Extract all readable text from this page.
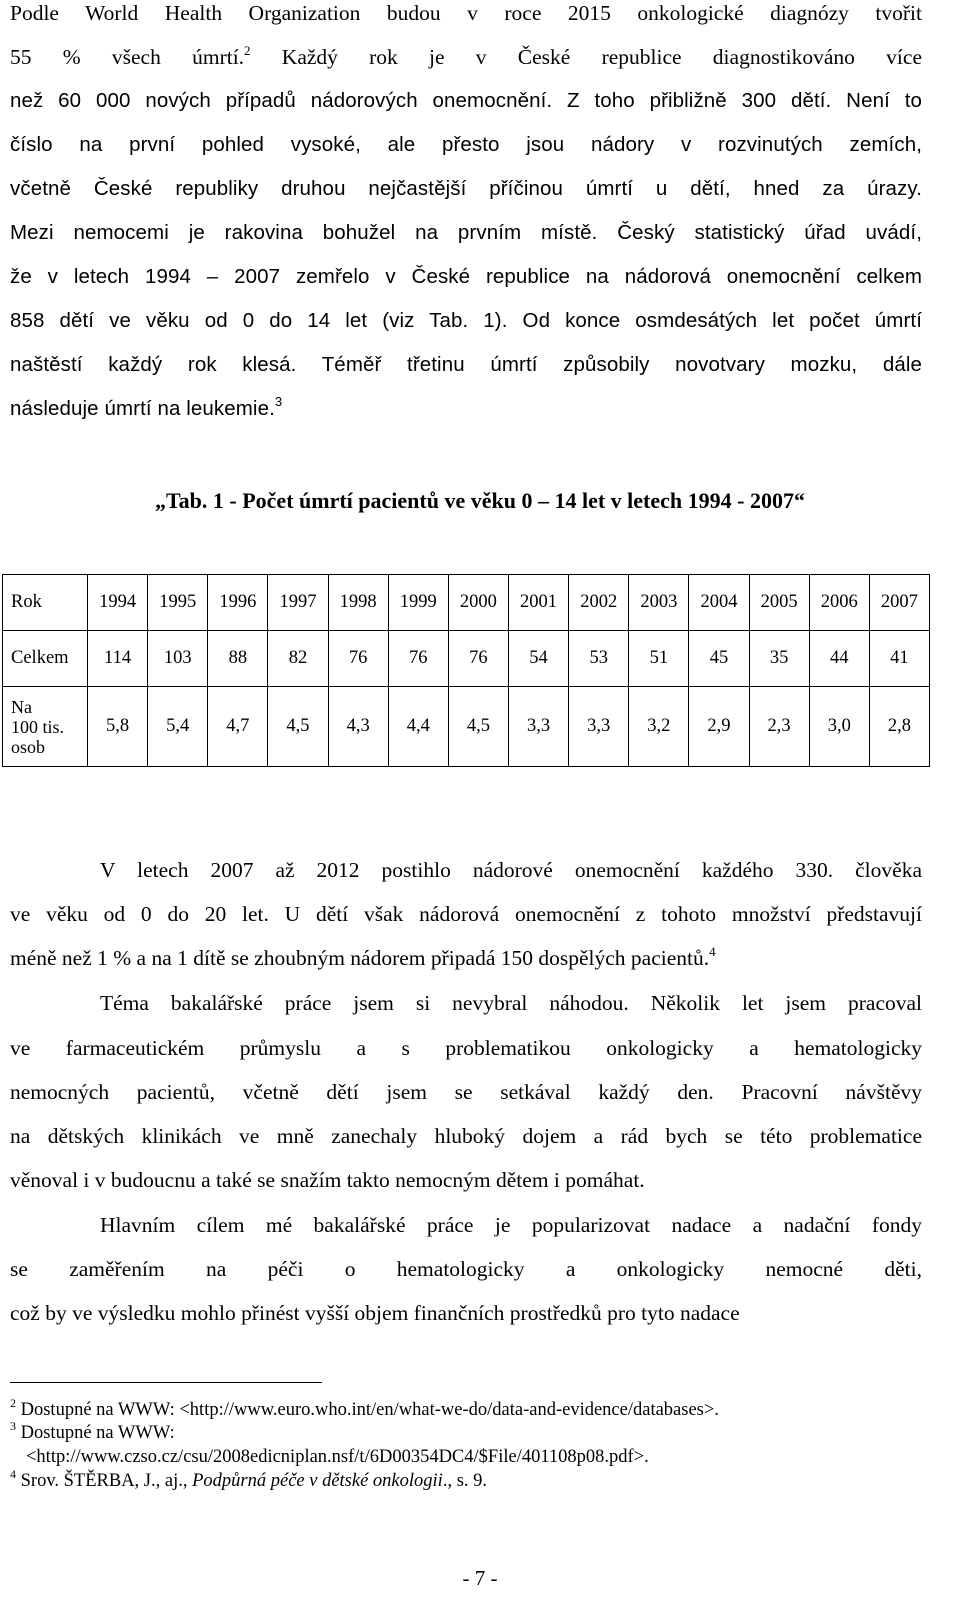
Podle World Health Organization budou v roce 2015 onkologické diagnózy tvořit
55 % všech úmrtí.$^2$ Každý rok je v České republice diagnostikováno více
než 60 000 nových případů nádorových onemocnění. Z toho přibližně 300 dětí. Není to
číslo na první pohled vysoké, ale přesto jsou nádory v rozvinutých zemích,
včetně České republiky druhou nejčastější příčinou úmrtí u dětí, hned za úrazy.
Mezi nemocemi je rakovina bohužel na prvním místě. Český statistický úřad uvádí,
že v letech 1994 – 2007 zemřelo v České republice na nádorová onemocnění celkem
858 dětí ve věku od 0 do 14 let (viz Tab. 1). Od konce osmdesátých let počet úmrtí
naštěstí každý rok klesá. Téměř třetinu úmrtí způsobily novotvary mozku, dále
následuje úmrtí na leukemie.$^3$
„Tab. 1 - Počet úmrtí pacientů ve věku 0 – 14 let v letech 1994 - 2007“
Rok	1994	1995	1996	1997	1998	1999	2000	2001	2002	2003	2004	2005	2006	2007
Celkem	114	103	88	82	76	76	76	54	53	51	45	35	44	41
Na
100 tis.
osob	5,8	5,4	4,7	4,5	4,3	4,4	4,5	3,3	3,3	3,2	2,9	2,3	3,0	2,8
V letech 2007 až 2012 postihlo nádorové onemocnění každého 330. člověka
ve věku od 0 do 20 let. U dětí však nádorová onemocnění z tohoto množství představují
méně než 1 % a na 1 dítě se zhoubným nádorem připadá 150 dospělých pacientů.$^4$
Téma bakalářské práce jsem si nevybral náhodou. Několik let jsem pracoval
ve farmaceutickém průmyslu a s problematikou onkologicky a hematologicky
nemocných pacientů, včetně dětí jsem se setkával každý den. Pracovní návštěvy
na dětských klinikách ve mně zanechaly hluboký dojem a rád bych se této problematice
věnoval i v budoucnu a také se snažím takto nemocným dětem i pomáhat.
Hlavním cílem mé bakalářské práce je popularizovat nadace a nadační fondy
se zaměřením na péči o hematologicky a onkologicky nemocné děti,
což by ve výsledku mohlo přinést vyšší objem finančních prostředků pro tyto nadace
$^2$ Dostupné na WWW: <http://www.euro.who.int/en/what-we-do/data-and-evidence/databases>.
$^3$ Dostupné na WWW:
<http://www.czso.cz/csu/2008edicniplan.nsf/t/6D00354DC4/$File/401108p08.pdf>.
$^4$ Srov. ŠTĚRBA, J., aj., Podpůrná péče v dětské onkologii., s. 9.
- 7 -
